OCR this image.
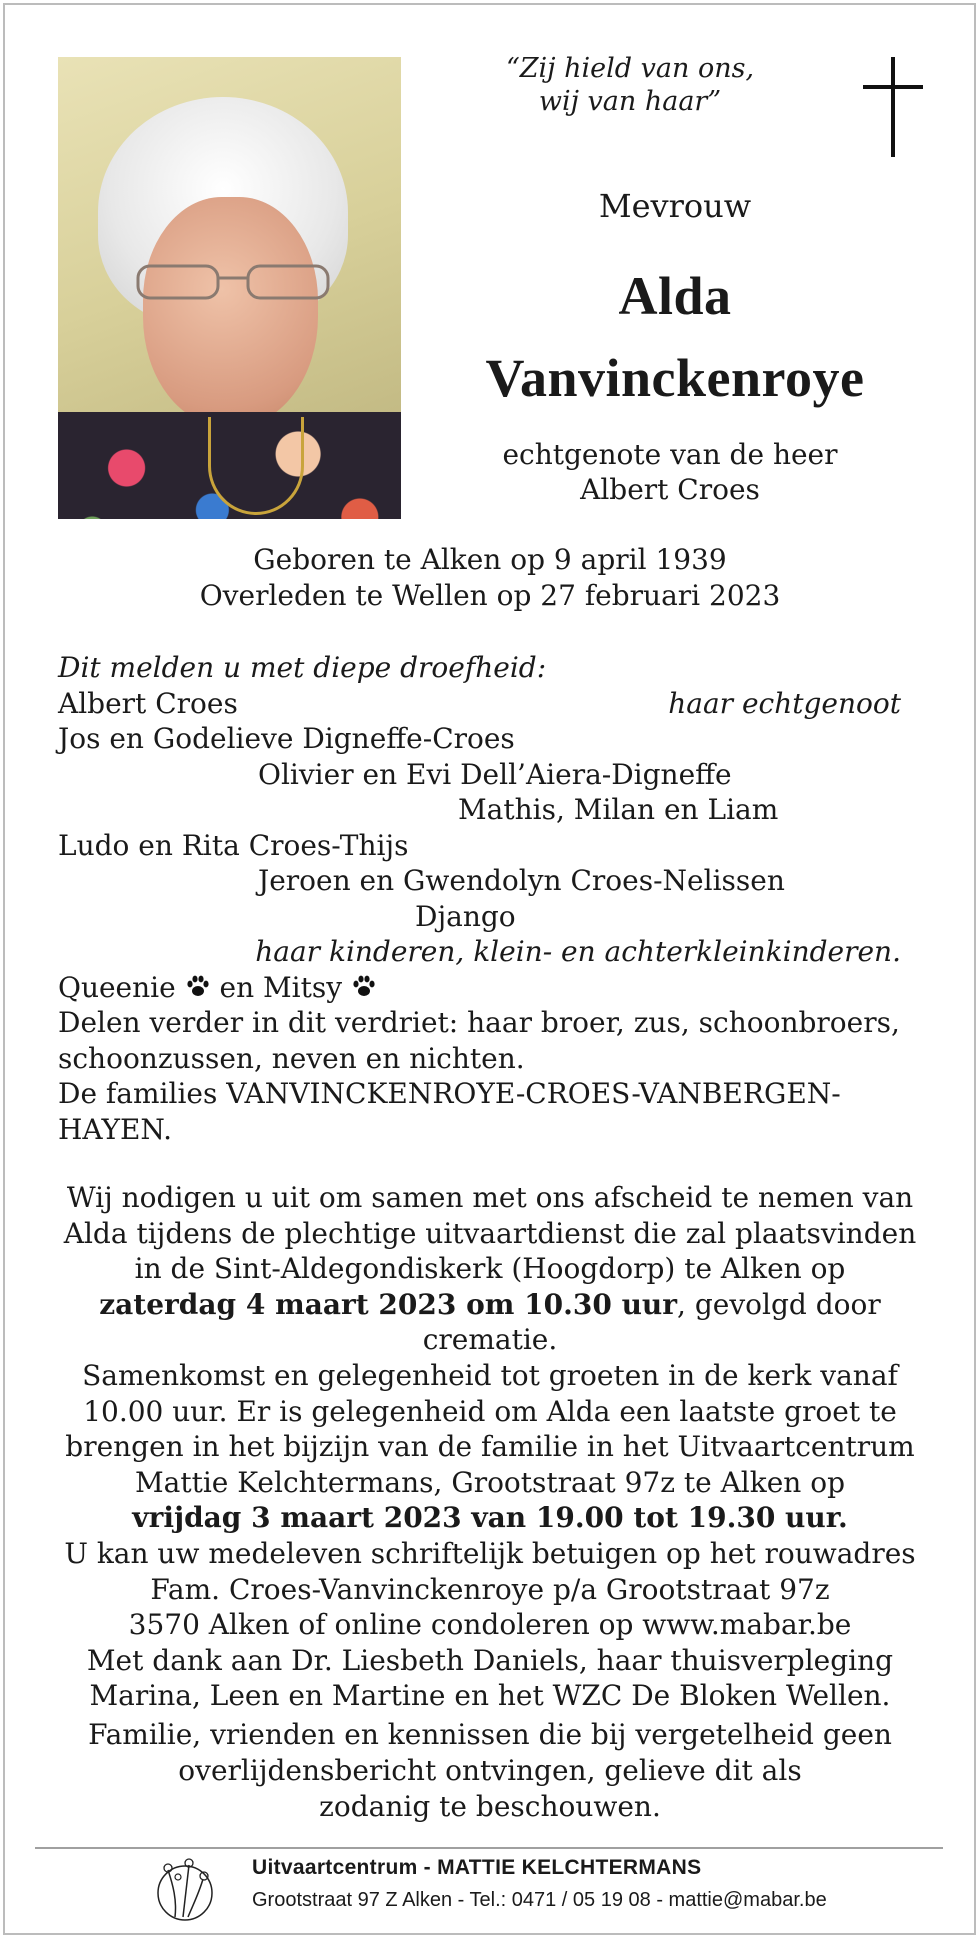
“Zij hield van ons,
wij van haar”
Mevrouw
Alda
Vanvinckenroye
echtgenote van de heer
Albert Croes
Geboren te Alken op 9 april 1939
Overleden te Wellen op 27 februari 2023
Dit melden u met diepe droefheid:
Albert Croes	haar echtgenoot
Jos en Godelieve Digneffe-Croes
Olivier en Evi Dell’Aiera-Digneffe
Mathis, Milan en Liam
Ludo en Rita Croes-Thijs
Jeroen en Gwendolyn Croes-Nelissen
Django
haar kinderen, klein- en achterkleinkinderen.
Queenie en Mitsy
Delen verder in dit verdriet: haar broer, zus, schoonbroers,
schoonzussen, neven en nichten.
De families VANVINCKENROYE-CROES-VANBERGEN-
HAYEN.
Wij nodigen u uit om samen met ons afscheid te nemen van
Alda tijdens de plechtige uitvaartdienst die zal plaatsvinden
in de Sint-Aldegondiskerk (Hoogdorp) te Alken op
zaterdag 4 maart 2023 om 10.30 uur, gevolgd door crematie.
Samenkomst en gelegenheid tot groeten in de kerk vanaf
10.00 uur. Er is gelegenheid om Alda een laatste groet te
brengen in het bijzijn van de familie in het Uitvaartcentrum
Mattie Kelchtermans, Grootstraat 97z te Alken op
vrijdag 3 maart 2023 van 19.00 tot 19.30 uur.
U kan uw medeleven schriftelijk betuigen op het rouwadres
Fam. Croes-Vanvinckenroye p/a Grootstraat 97z
3570 Alken of online condoleren op www.mabar.be
Met dank aan Dr. Liesbeth Daniels, haar thuisverpleging
Marina, Leen en Martine en het WZC De Bloken Wellen.
Familie, vrienden en kennissen die bij vergetelheid geen
overlijdensbericht ontvingen, gelieve dit als
zodanig te beschouwen.
Uitvaartcentrum - MATTIE KELCHTERMANS
Grootstraat 97 Z Alken - Tel.: 0471 / 05 19 08 - mattie@mabar.be
